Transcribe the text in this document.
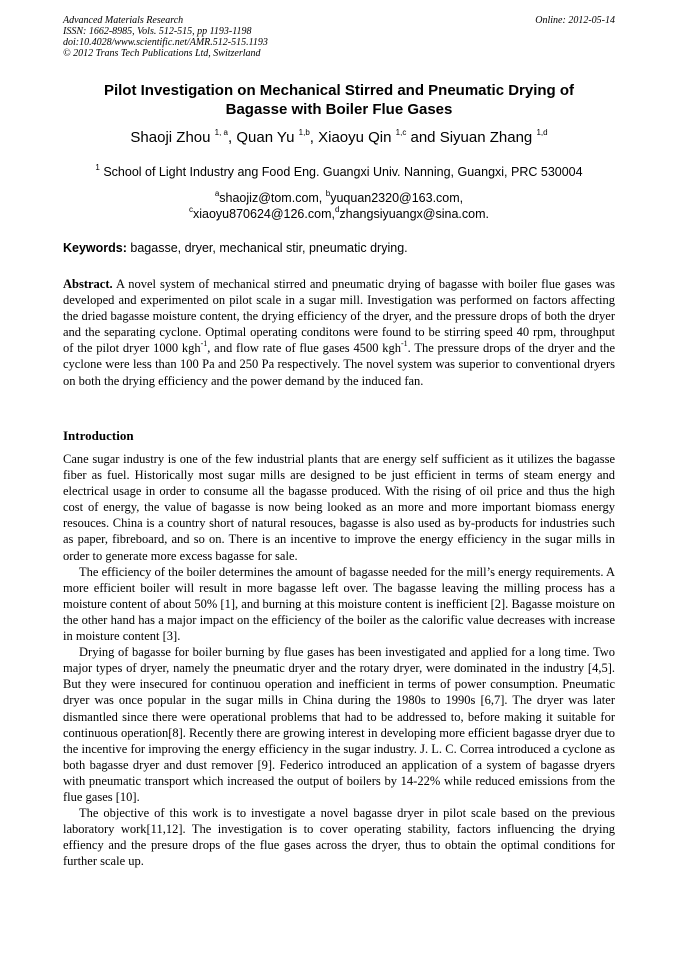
Advanced Materials Research
ISSN: 1662-8985, Vols. 512-515, pp 1193-1198
doi:10.4028/www.scientific.net/AMR.512-515.1193
© 2012 Trans Tech Publications Ltd, Switzerland
Online: 2012-05-14
Pilot Investigation on Mechanical Stirred and Pneumatic Drying of
Bagasse with Boiler Flue Gases
Shaoji Zhou $^{1, a}$, Quan Yu $^{1,b}$, Xiaoyu Qin $^{1,c}$ and Siyuan Zhang $^{1,d}$
$^1$ School of Light Industry ang Food Eng. Guangxi Univ. Nanning, Guangxi, PRC 530004
$^a$shaojiz@tom.com, $^b$yuquan2320@163.com,
$^c$xiaoyu870624@126.com,$^d$zhangsiyuangx@sina.com.
Keywords: bagasse, dryer, mechanical stir, pneumatic drying.
Abstract. A novel system of mechanical stirred and pneumatic drying of bagasse with boiler flue gases was developed and experimented on pilot scale in a sugar mill. Investigation was performed on factors affecting the dried bagasse moisture content, the drying efficiency of the dryer, and the pressure drops of both the dryer and the separating cyclone. Optimal operating conditons were found to be stirring speed 40 rpm, throughput of the pilot dryer 1000 kgh$^{-1}$, and flow rate of flue gases 4500 kgh$^{-1}$. The pressure drops of the dryer and the cyclone were less than 100 Pa and 250 Pa respectively. The novel system was superior to conventional dryers on both the drying efficiency and the power demand by the induced fan.
Introduction

Cane sugar industry is one of the few industrial plants that are energy self sufficient as it utilizes the bagasse fiber as fuel. Historically most sugar mills are designed to be just efficient in terms of steam energy and electrical usage in order to consume all the bagasse produced. With the rising of oil price and thus the high cost of energy, the value of bagasse is now being looked as an more and more important biomass energy resouces. China is a country short of natural resouces, bagasse is also used as by-products for industries such as paper, fibreboard, and so on. There is an incentive to improve the energy efficiency in the sugar mills in order to generate more excess bagasse for sale.

The efficiency of the boiler determines the amount of bagasse needed for the mill’s energy requirements. A more efficient boiler will result in more bagasse left over. The bagasse leaving the milling process has a moisture content of about 50% [1], and burning at this moisture content is inefficient [2]. Bagasse moisture on the other hand has a major impact on the efficiency of the boiler as the calorific value decreases with increase in moisture content [3].

Drying of bagasse for boiler burning by flue gases has been investigated and applied for a long time. Two major types of dryer, namely the pneumatic dryer and the rotary dryer, were dominated in the industry [4,5]. But they were insecured for continuou operation and inefficient in terms of power consumption. Pneumatic dryer was once popular in the sugar mills in China during the 1980s to 1990s [6,7]. The dryer was later dismantled since there were operational problems that had to be addressed to, before making it suitable for continuous operation[8]. Recently there are growing interest in developing more efficient bagasse dryer due to the incentive for improving the energy efficiency in the sugar industry. J. L. C. Correa introduced a cyclone as both bagasse dryer and dust remover [9]. Federico introduced an application of a system of bagasse dryers with pneumatic transport which increased the output of boilers by 14-22% while reduced emissions from the flue gases [10].

The objective of this work is to investigate a novel bagasse dryer in pilot scale based on the previous laboratory work[11,12]. The investigation is to cover operating stability, factors influencing the drying effiency and the presure drops of the flue gases across the dryer, thus to obtain the optimal conditions for further scale up.
